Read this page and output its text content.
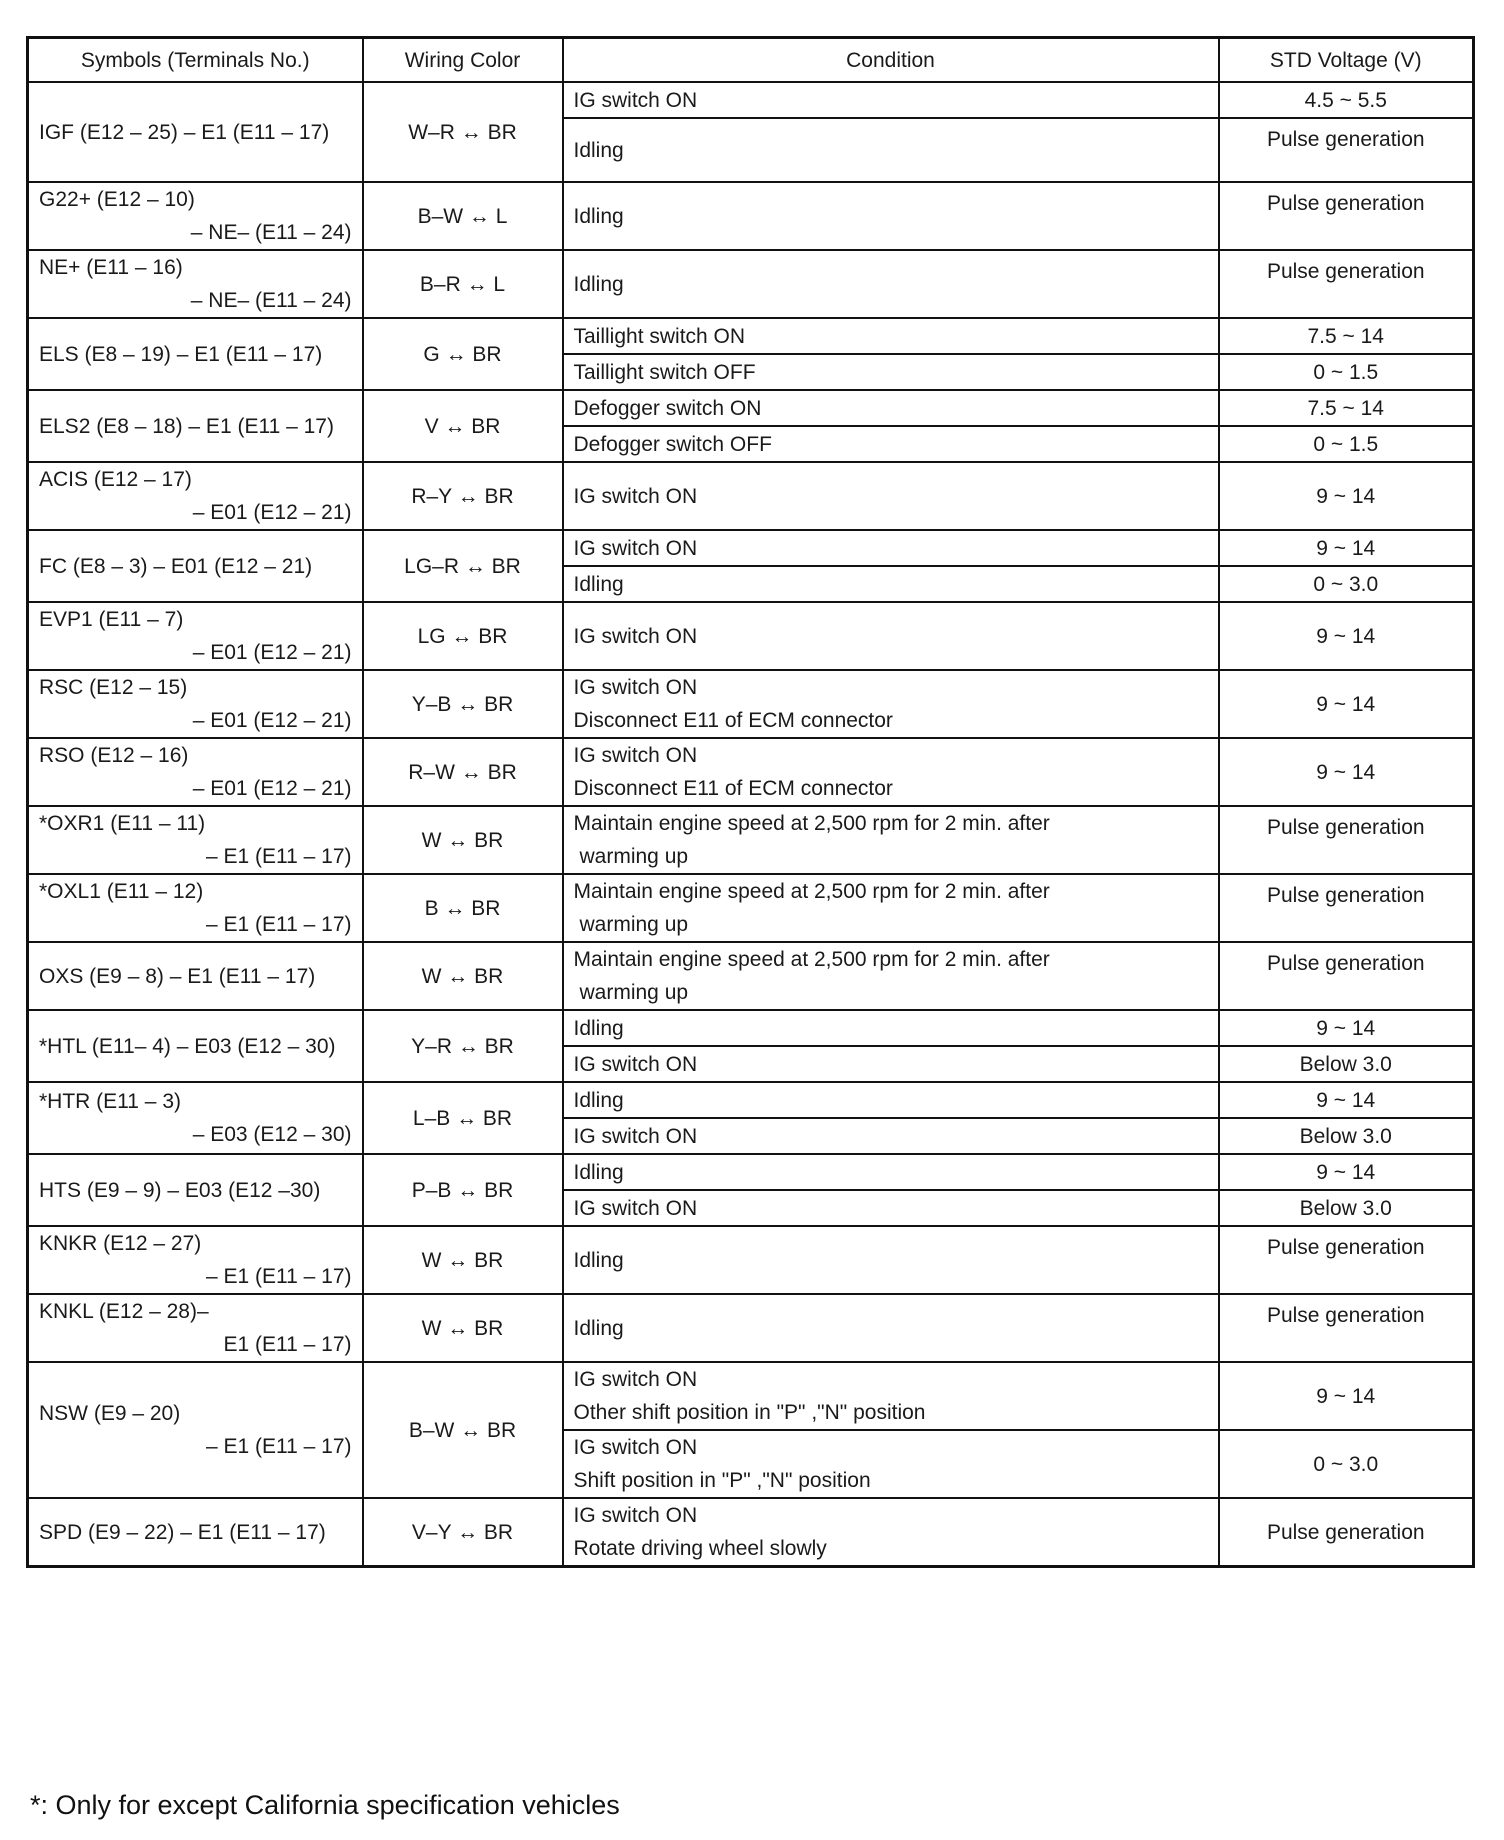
Symbols (Terminals No.)	Wiring Color	Condition	STD Voltage (V)

IGF (E12 – 25) – E1 (E11 – 17)	W–R ↔ BR	IG switch ON	4.5 ~ 5.5

		Idling	Pulse generation

G22+ (E12 – 10)
– NE– (E11 – 24)	B–W ↔ L	Idling	Pulse generation

NE+ (E11 – 16)
– NE– (E11 – 24)	B–R ↔ L	Idling	Pulse generation

ELS (E8 – 19) – E1 (E11 – 17)	G ↔ BR	Taillight switch ON	7.5 ~ 14

		Taillight switch OFF	0 ~ 1.5

ELS2 (E8 – 18) – E1 (E11 – 17)	V ↔ BR	Defogger switch ON	7.5 ~ 14

		Defogger switch OFF	0 ~ 1.5

ACIS (E12 – 17)
– E01 (E12 – 21)	R–Y ↔ BR	IG switch ON	9 ~ 14

FC (E8 – 3) – E01 (E12 – 21)	LG–R ↔ BR	IG switch ON	9 ~ 14

		Idling	0 ~ 3.0

EVP1 (E11 – 7)
– E01 (E12 – 21)	LG ↔ BR	IG switch ON	9 ~ 14

RSC (E12 – 15)
– E01 (E12 – 21)	Y–B ↔ BR	IG switch ON
Disconnect E11 of ECM connector	9 ~ 14

RSO (E12 – 16)
– E01 (E12 – 21)	R–W ↔ BR	IG switch ON
Disconnect E11 of ECM connector	9 ~ 14

*OXR1 (E11 – 11)
– E1 (E11 – 17)	W ↔ BR	Maintain engine speed at 2,500 rpm for 2 min. after
warming up	Pulse generation

*OXL1 (E11 – 12)
– E1 (E11 – 17)	B ↔ BR	Maintain engine speed at 2,500 rpm for 2 min. after
warming up	Pulse generation

OXS (E9 – 8) – E1 (E11 – 17)	W ↔ BR	Maintain engine speed at 2,500 rpm for 2 min. after
warming up	Pulse generation

*HTL (E11– 4) – E03 (E12 – 30)	Y–R ↔ BR	Idling	9 ~ 14

		IG switch ON	Below 3.0

*HTR (E11 – 3)
– E03 (E12 – 30)	L–B ↔ BR	Idling	9 ~ 14

		IG switch ON	Below 3.0

HTS (E9 – 9) – E03 (E12 –30)	P–B ↔ BR	Idling	9 ~ 14

		IG switch ON	Below 3.0

KNKR (E12 – 27)
– E1 (E11 – 17)	W ↔ BR	Idling	Pulse generation

KNKL (E12 – 28)–
E1 (E11 – 17)	W ↔ BR	Idling	Pulse generation

NSW (E9 – 20)
– E1 (E11 – 17)	B–W ↔ BR	IG switch ON
Other shift position in "P" ,"N" position	9 ~ 14

		IG switch ON
Shift position in "P" ,"N" position	0 ~ 3.0

SPD (E9 – 22) – E1 (E11 – 17)	V–Y ↔ BR	IG switch ON
Rotate driving wheel slowly	Pulse generation
*: Only for except California specification vehicles
